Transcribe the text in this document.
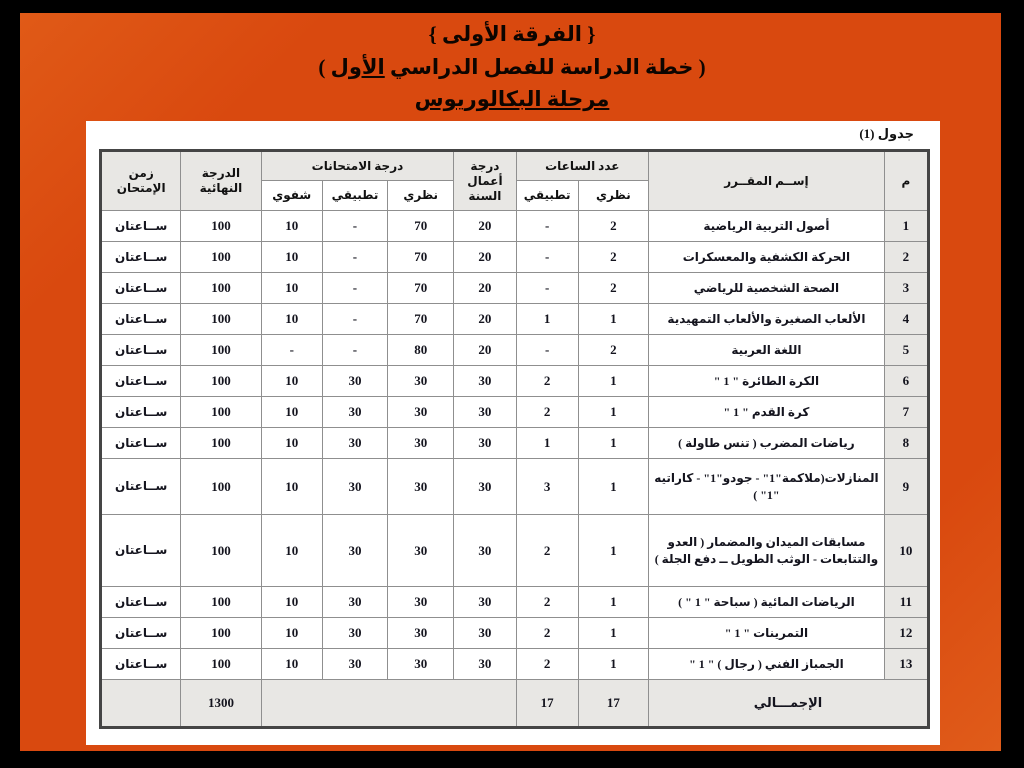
{ الفرقة الأولى }
( خطة الدراسة للفصل الدراسي الأول )
مرحلة البكالوريوس
جدول (1)
م	إســم المقــرر	عدد الساعات		درجة أعمال السنة	درجة الامتحانات			الدرجة النهائية	زمن الإمتحان
		نظري	تطبيقي		نظري	تطبيقي	شفوي		
1	أصول التربية الرياضية	2	-	20	70	-	10	100	ســاعتان
2	الحركة الكشفية والمعسكرات	2	-	20	70	-	10	100	ســاعتان
3	الصحة الشخصية للرياضي	2	-	20	70	-	10	100	ســاعتان
4	الألعاب الصغيرة والألعاب التمهيدية	1	1	20	70	-	10	100	ســاعتان
5	اللغة العربية	2	-	20	80	-	-	100	ســاعتان
6	الكرة الطائرة " 1 "	1	2	30	30	30	10	100	ســاعتان
7	كرة القدم " 1 "	1	2	30	30	30	10	100	ســاعتان
8	رياضات المضرب ( تنس طاولة )	1	1	30	30	30	10	100	ســاعتان
9	المنازلات(ملاكمة"1" - جودو"1" - كاراتيه "1" )	1	3	30	30	30	10	100	ســاعتان
10	مسابقات الميدان والمضمار ( العدو والتتابعات - الوثب الطويل ــ دفع الجلة )	1	2	30	30	30	10	100	ســاعتان
11	الرياضات المائية ( سباحة " 1 " )	1	2	30	30	30	10	100	ســاعتان
12	التمرينات " 1 "	1	2	30	30	30	10	100	ســاعتان
13	الجمباز الفني ( رجال ) " 1 "	1	2	30	30	30	10	100	ســاعتان
الإجمـــالي		17	17					1300	
